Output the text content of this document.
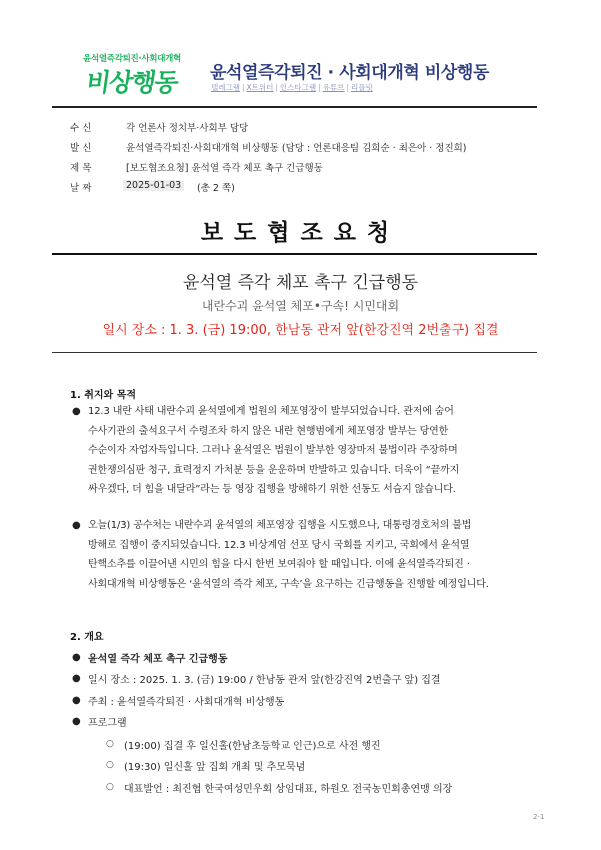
윤석열즉각퇴진·사회대개혁
비상행동	윤석열즉각퇴진 · 사회대개혁 비상행동
텔레그램 | X트위터 | 인스타그램 | 유튜브 | 리플릿
수 신	각 언론사 정치부·사회부 담당
발 신	윤석열즉각퇴진·사회대개혁 비상행동 (담당 : 언론대응팀 김희순 · 최은아 · 정진희)
제 목	[보도협조요청] 윤석열 즉각 체포 촉구 긴급행동
날 짜	2025-01-03	(총 2 쪽)
보도협조요청
윤석열 즉각 체포 촉구 긴급행동
내란수괴 윤석열 체포•구속! 시민대회
일시 장소 : 1. 3. (금) 19:00, 한남동 관저 앞(한강진역 2번출구) 집결
1. 취지와 목적
● 12.3 내란 사태 내란수괴 윤석열에게 법원의 체포영장이 발부되었습니다. 관저에 숨어
수사기관의 출석요구서 수령조차 하지 않은 내란 현행범에게 체포영장 발부는 당연한
수순이자 자업자득입니다. 그러나 윤석열은 법원이 발부한 영장마저 불법이라 주장하며
권한쟁의심판 청구, 효력정지 가처분 등을 운운하며 반발하고 있습니다. 더욱이 “끝까지
싸우겠다, 더 힘을 내달라”라는 등 영장 집행을 방해하기 위한 선동도 서슴지 않습니다.
● 오늘(1/3) 공수처는 내란수괴 윤석열의 체포영장 집행을 시도했으나, 대통령경호처의 불법
방해로 집행이 중지되었습니다. 12.3 비상계엄 선포 당시 국회를 지키고, 국회에서 윤석열
탄핵소추를 이끌어낸 시민의 힘을 다시 한번 보여줘야 할 때입니다. 이에 윤석열즉각퇴진 ·
사회대개혁 비상행동은 ‘윤석열의 즉각 체포, 구속’을 요구하는 긴급행동을 진행할 예정입니다.
2. 개요
● 윤석열 즉각 체포 촉구 긴급행동
● 일시 장소 : 2025. 1. 3. (금) 19:00 / 한남동 관저 앞(한강진역 2번출구 앞) 집결
● 주최 : 윤석열즉각퇴진 · 사회대개혁 비상행동
● 프로그램
○ (19:00) 집결 후 일신홀(한남초등학교 인근)으로 사전 행진
○ (19:30) 일신홀 앞 집회 개최 및 추모묵념
○ 대표발언 : 최진협 한국여성민우회 상임대표, 하원오 전국농민회총연맹 의장
2-1
